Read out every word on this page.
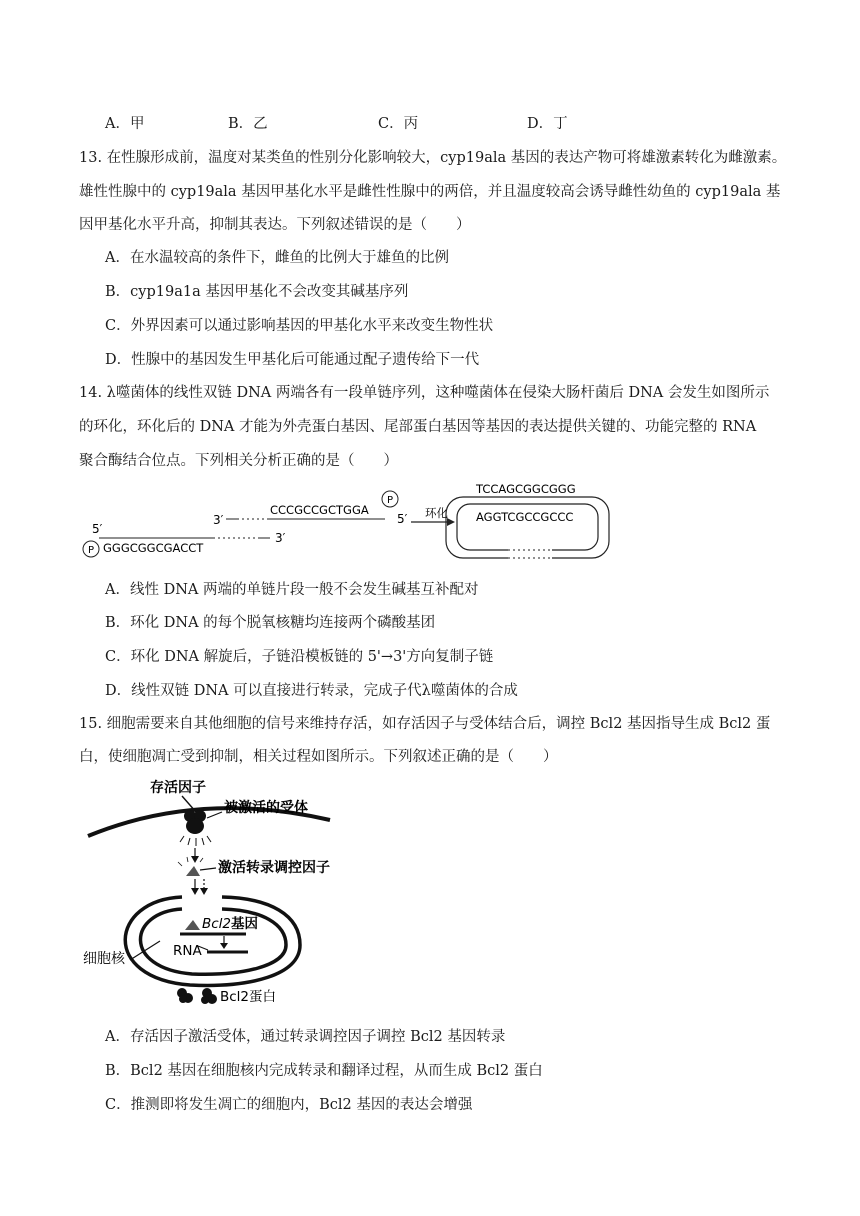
A．甲	B．乙	C．丙	D．丁
13. 在性腺形成前，温度对某类鱼的性别分化影响较大，cyp19ala 基因的表达产物可将雄激素转化为雌激素。
雄性性腺中的 cyp19ala 基因甲基化水平是雌性性腺中的两倍，并且温度较高会诱导雌性幼鱼的 cyp19ala 基
因甲基化水平升高，抑制其表达。下列叙述错误的是（　　）
A．在水温较高的条件下，雌鱼的比例大于雄鱼的比例
B．cyp19a1a 基因甲基化不会改变其碱基序列
C．外界因素可以通过影响基因的甲基化水平来改变生物性状
D．性腺中的基因发生甲基化后可能通过配子遗传给下一代
14. λ噬菌体的线性双链 DNA 两端各有一段单链序列，这种噬菌体在侵染大肠杆菌后 DNA 会发生如图所示
的环化，环化后的 DNA 才能为外壳蛋白基因、尾部蛋白基因等基因的表达提供关键的、功能完整的 RNA
聚合酶结合位点。下列相关分析正确的是（　　）
P
5′
GGGCGGCGACCT
3′
3′
CCCGCCGCTGGA
P
5′ 环化
TCCAGCGGCGGG
AGGTCGCCGCCC
A．线性 DNA 两端的单链片段一般不会发生碱基互补配对
B．环化 DNA 的每个脱氧核糖均连接两个磷酸基团
C．环化 DNA 解旋后，子链沿模板链的 5'→3'方向复制子链
D．线性双链 DNA 可以直接进行转录，完成子代λ噬菌体的合成
15. 细胞需要来自其他细胞的信号来维持存活，如存活因子与受体结合后，调控 Bcl2 基因指导生成 Bcl2 蛋
白，使细胞凋亡受到抑制，相关过程如图所示。下列叙述正确的是（　　）
存活因子
被激活的受体
激活转录调控因子
Bcl2基因
RNA
细胞核
Bcl2蛋白
A．存活因子激活受体，通过转录调控因子调控 Bcl2 基因转录
B．Bcl2 基因在细胞核内完成转录和翻译过程，从而生成 Bcl2 蛋白
C．推测即将发生凋亡的细胞内，Bcl2 基因的表达会增强
